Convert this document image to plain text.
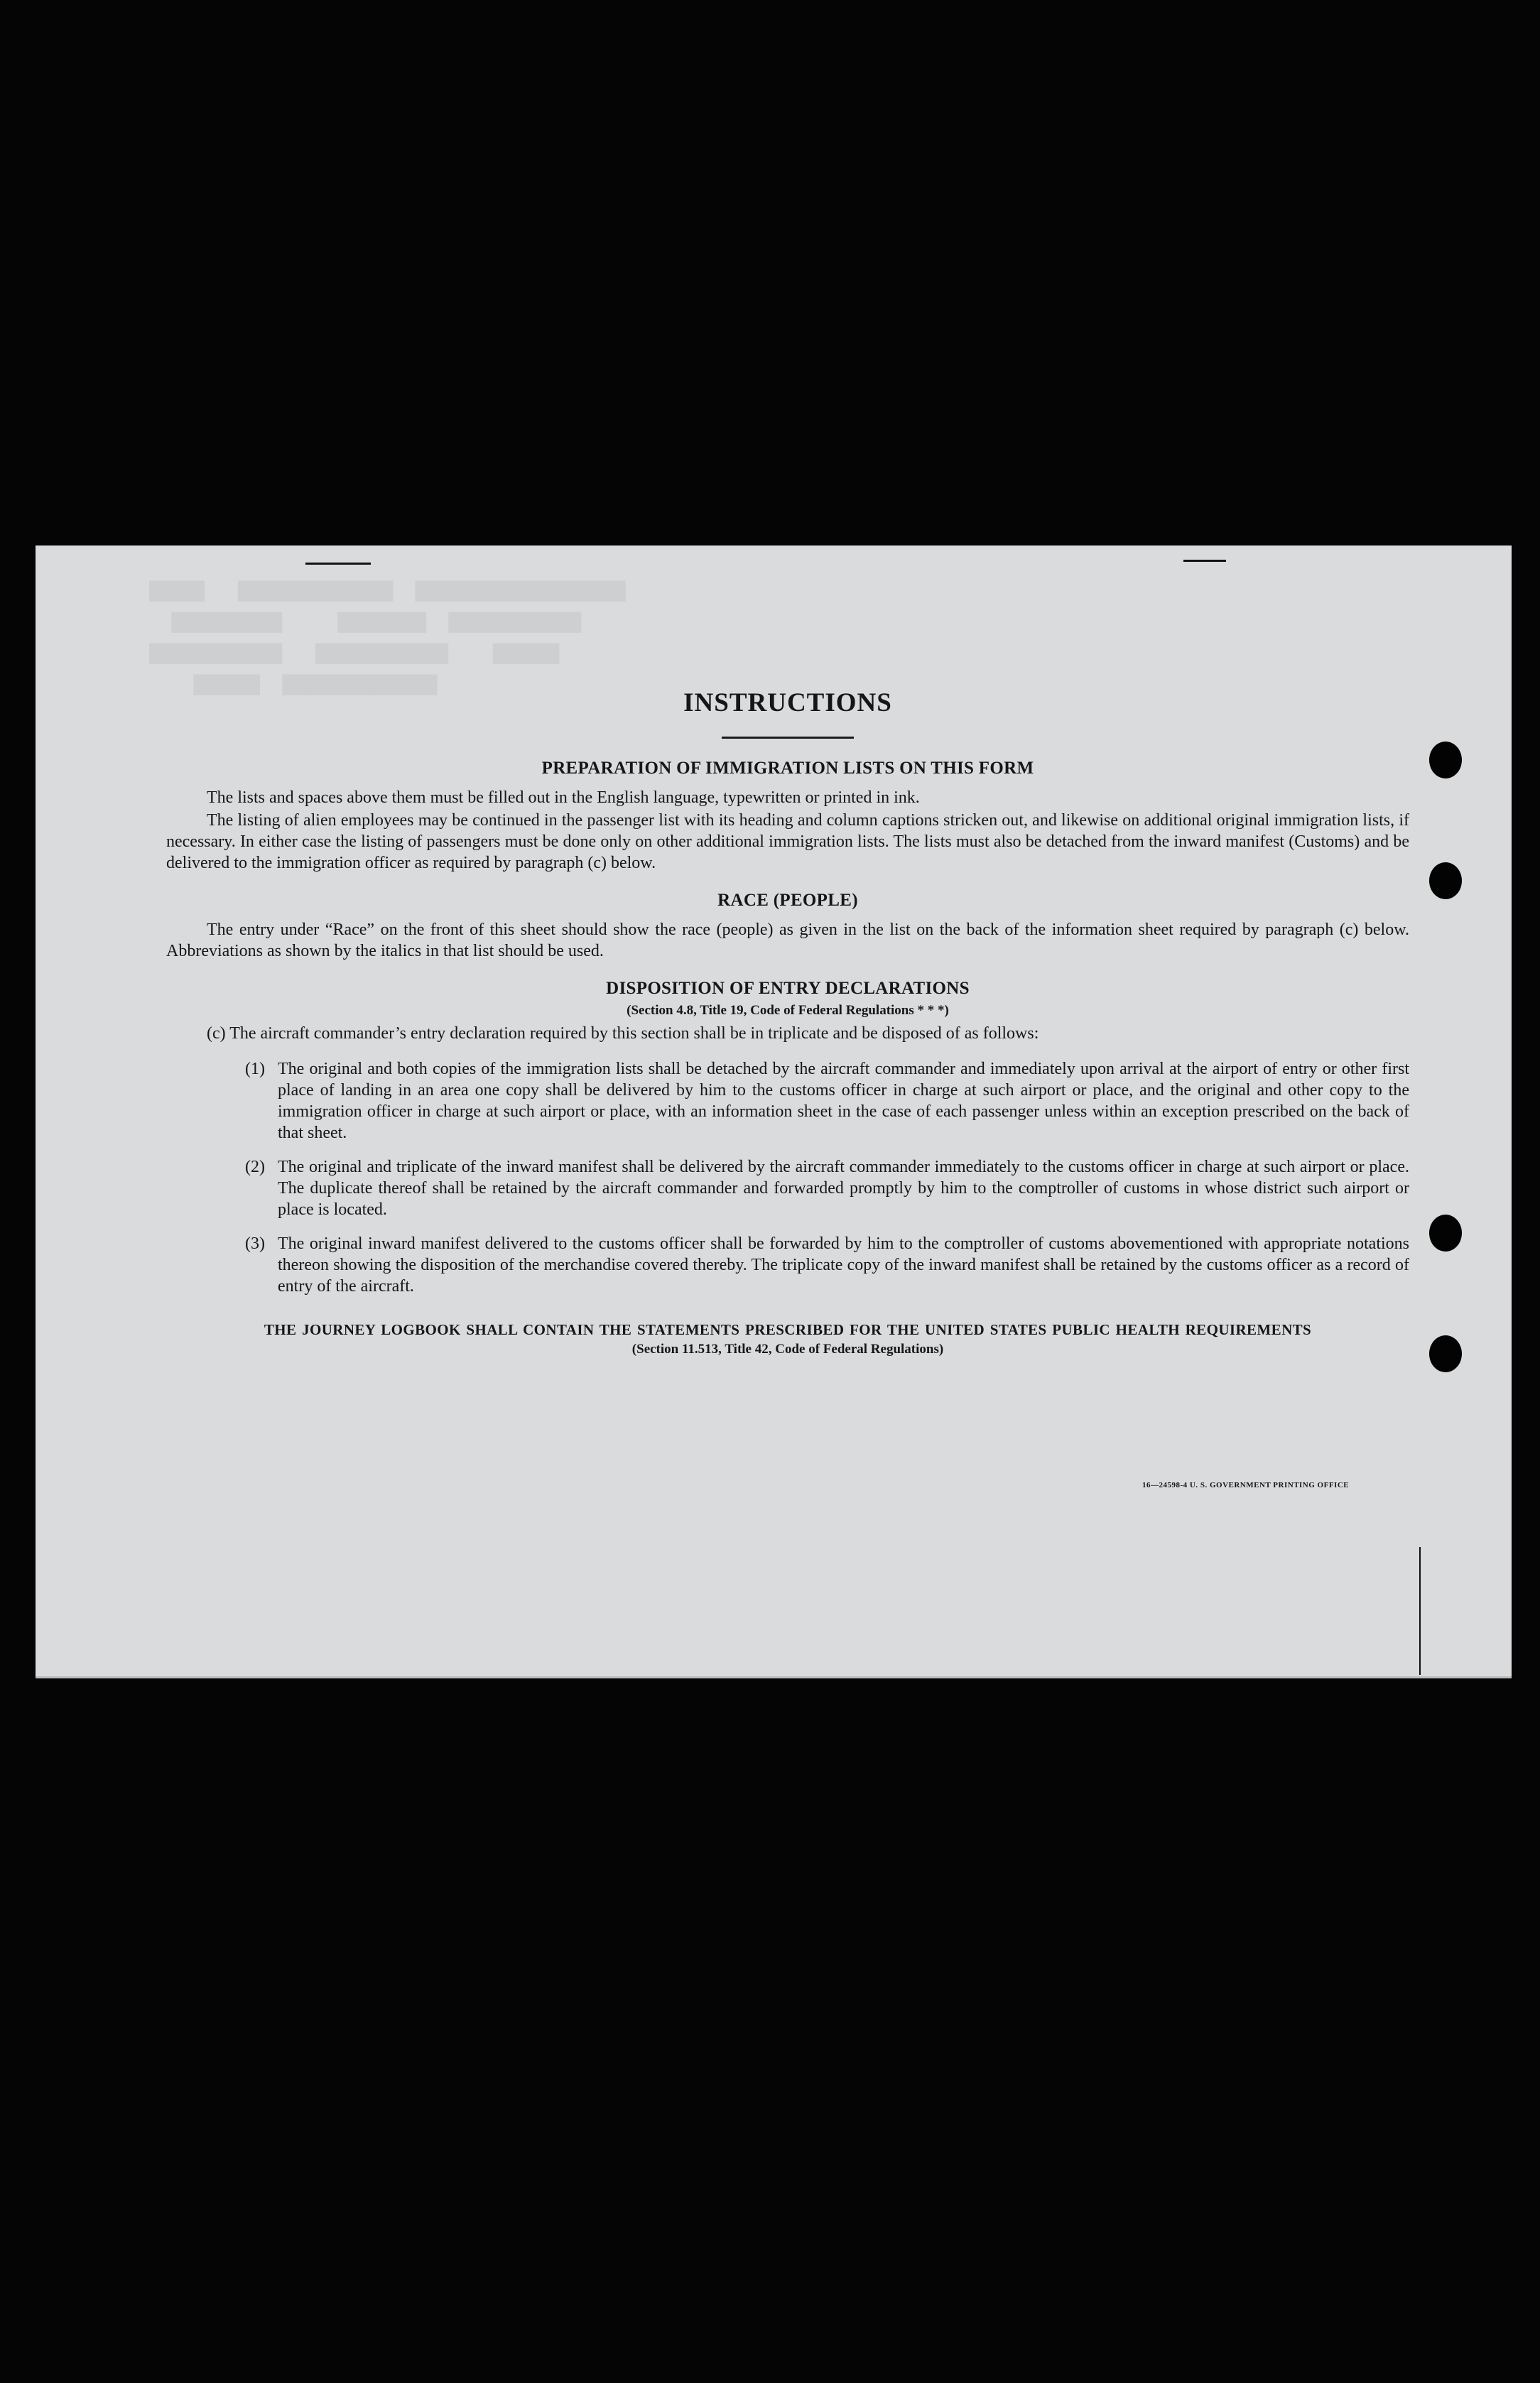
█████   ██████████████  ███████████████████
██████████     ████████  ████████████
████████████   ████████████    ██████
██████  ██████████████
INSTRUCTIONS
PREPARATION OF IMMIGRATION LISTS ON THIS FORM

The lists and spaces above them must be filled out in the English language, typewritten or printed in ink.

The listing of alien employees may be continued in the passenger list with its heading and column captions stricken out, and likewise on additional original immigration lists, if necessary. In either case the listing of passengers must be done only on other additional immigration lists. The lists must also be detached from the inward manifest (Customs) and be delivered to the immigration officer as required by paragraph (c) below.

RACE (PEOPLE)

The entry under “Race” on the front of this sheet should show the race (people) as given in the list on the back of the information sheet required by paragraph (c) below. Abbreviations as shown by the italics in that list should be used.

DISPOSITION OF ENTRY DECLARATIONS

(Section 4.8, Title 19, Code of Federal Regulations * * *)

(c) The aircraft commander’s entry declaration required by this section shall be in triplicate and be disposed of as follows:

(1) The original and both copies of the immigration lists shall be detached by the aircraft commander and immediately upon arrival at the airport of entry or other first place of landing in an area one copy shall be delivered by him to the customs officer in charge at such airport or place, and the original and other copy to the immigration officer in charge at such airport or place, with an information sheet in the case of each passenger unless within an exception prescribed on the back of that sheet.
(2) The original and triplicate of the inward manifest shall be delivered by the aircraft commander immediately to the customs officer in charge at such airport or place. The duplicate thereof shall be retained by the aircraft commander and forwarded promptly by him to the comptroller of customs in whose district such airport or place is located.
(3) The original inward manifest delivered to the customs officer shall be forwarded by him to the comptroller of customs abovementioned with appropriate notations thereon showing the disposition of the merchandise covered thereby. The triplicate copy of the inward manifest shall be retained by the customs officer as a record of entry of the aircraft.

THE JOURNEY LOGBOOK SHALL CONTAIN THE STATEMENTS PRESCRIBED FOR THE UNITED STATES PUBLIC HEALTH REQUIREMENTS

(Section 11.513, Title 42, Code of Federal Regulations)

16—24598-4 U. S. GOVERNMENT PRINTING OFFICE
